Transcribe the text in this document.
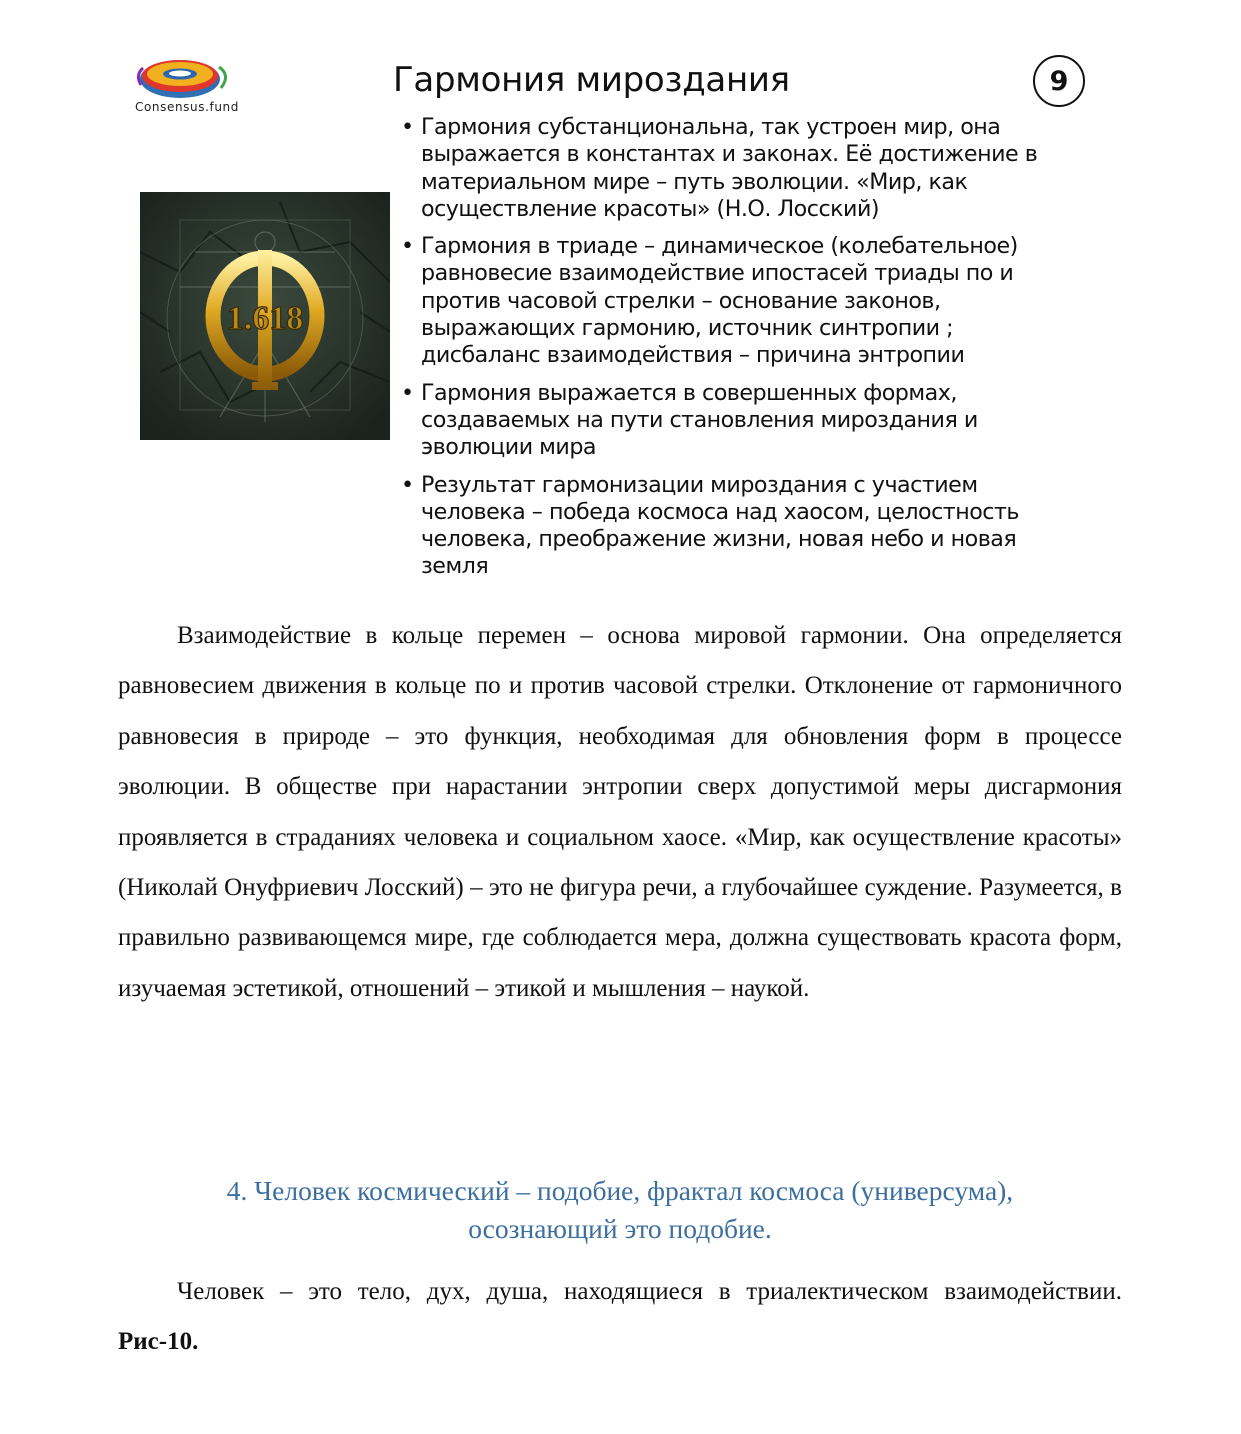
Consensus.fund
Гармония мироздания	9
1.618
• Гармония субстанциональна, так устроен мир, она выражается в константах и законах. Её достижение в материальном мире – путь эволюции. «Мир, как осуществление красоты» (Н.О. Лосский)
• Гармония в триаде – динамическое (колебательное) равновесие взаимодействие ипостасей триады по и против часовой стрелки – основание законов, выражающих гармонию, источник синтропии ; дисбаланс взаимодействия – причина энтропии
• Гармония выражается в совершенных формах, создаваемых на пути становления мироздания и эволюции мира
• Результат гармонизации мироздания с участием человека – победа космоса над хаосом, целостность человека, преображение жизни, новая небо и новая земля

Взаимодействие в кольце перемен – основа мировой гармонии. Она определяется равновесием движения в кольце по и против часовой стрелки. Отклонение от гармоничного равновесия в природе – это функция, необходимая для обновления форм в процессе эволюции. В обществе при нарастании энтропии сверх допустимой меры дисгармония проявляется в страданиях человека и социальном хаосе. «Мир, как осуществление красоты» (Николай Онуфриевич Лосский) – это не фигура речи, а глубочайшее суждение. Разумеется, в правильно развивающемся мире, где соблюдается мера, должна существовать красота форм, изучаемая эстетикой, отношений – этикой и мышления – наукой.

4. Человек космический – подобие, фрактал космоса (универсума),
осознающий это подобие.

Человек – это тело, дух, душа, находящиеся в триалектическом взаимодействии. Рис-10.
